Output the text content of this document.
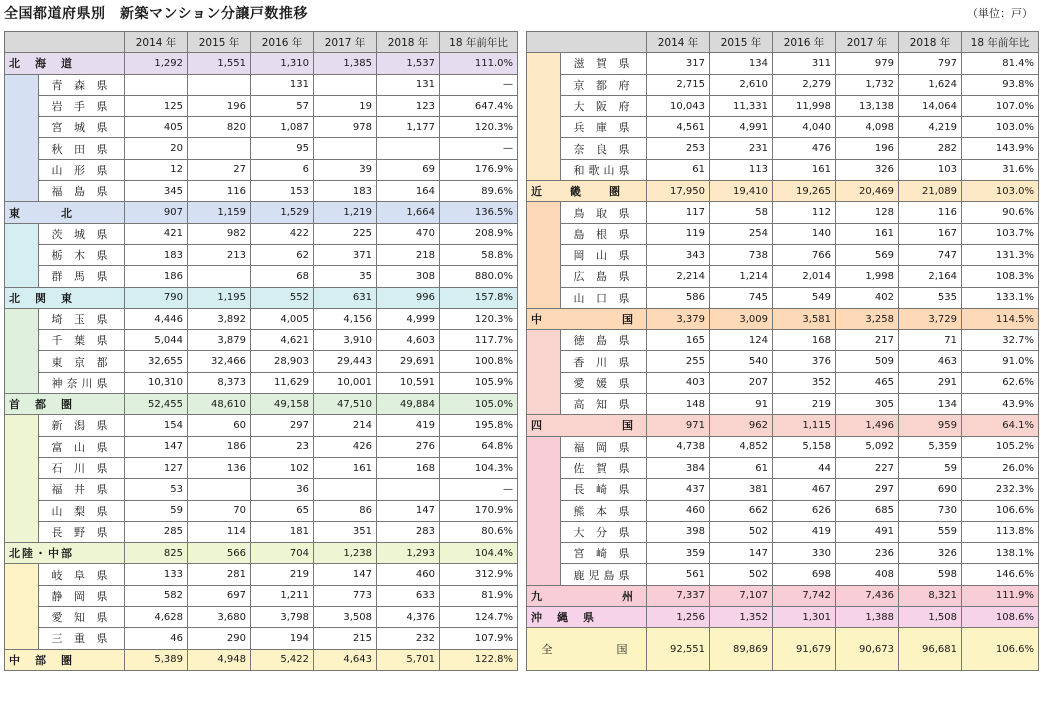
全国都道府県別　新築マンション分譲戸数推移	（単位：戸）
		2014 年	2015 年	2016 年	2017 年	2018 年	18 年前年比
北　海　道		1,292	1,551	1,310	1,385	1,537	111.0%
	青 森 県			131		131	—
	岩 手 県	125	196	57	19	123	647.4%
	宮 城 県	405	820	1,087	978	1,177	120.3%
	秋 田 県	20		95			—
	山 形 県	12	27	6	39	69	176.9%
	福 島 県	345	116	153	183	164	89.6%
東　　　北		907	1,159	1,529	1,219	1,664	136.5%
	茨 城 県	421	982	422	225	470	208.9%
	栃 木 県	183	213	62	371	218	58.8%
	群 馬 県	186		68	35	308	880.0%
北　関　東		790	1,195	552	631	996	157.8%
	埼 玉 県	4,446	3,892	4,005	4,156	4,999	120.3%
	千 葉 県	5,044	3,879	4,621	3,910	4,603	117.7%
	東 京 都	32,655	32,466	28,903	29,443	29,691	100.8%
	神奈川県	10,310	8,373	11,629	10,001	10,591	105.9%
首　都　圏		52,455	48,610	49,158	47,510	49,884	105.0%
	新 潟 県	154	60	297	214	419	195.8%
	富 山 県	147	186	23	426	276	64.8%
	石 川 県	127	136	102	161	168	104.3%
	福 井 県	53		36			—
	山 梨 県	59	70	65	86	147	170.9%
	長 野 県	285	114	181	351	283	80.6%
北陸・中部		825	566	704	1,238	1,293	104.4%
	岐 阜 県	133	281	219	147	460	312.9%
	静 岡 県	582	697	1,211	773	633	81.9%
	愛 知 県	4,628	3,680	3,798	3,508	4,376	124.7%
	三 重 県	46	290	194	215	232	107.9%
中　部　圏		5,389	4,948	5,422	4,643	5,701	122.8%
		2014 年	2015 年	2016 年	2017 年	2018 年	18 年前年比
	滋 賀 県	317	134	311	979	797	81.4%
	京 都 府	2,715	2,610	2,279	1,732	1,624	93.8%
	大 阪 府	10,043	11,331	11,998	13,138	14,064	107.0%
	兵 庫 県	4,561	4,991	4,040	4,098	4,219	103.0%
	奈 良 県	253	231	476	196	282	143.9%
	和歌山県	61	113	161	326	103	31.6%
近　　畿　　圏		17,950	19,410	19,265	20,469	21,089	103.0%
	鳥 取 県	117	58	112	128	116	90.6%
	島 根 県	119	254	140	161	167	103.7%
	岡 山 県	343	738	766	569	747	131.3%
	広 島 県	2,214	1,214	2,014	1,998	2,164	108.3%
	山 口 県	586	745	549	402	535	133.1%
中　　　　　　国		3,379	3,009	3,581	3,258	3,729	114.5%
	徳 島 県	165	124	168	217	71	32.7%
	香 川 県	255	540	376	509	463	91.0%
	愛 媛 県	403	207	352	465	291	62.6%
	高 知 県	148	91	219	305	134	43.9%
四　　　　　　国		971	962	1,115	1,496	959	64.1%
	福 岡 県	4,738	4,852	5,158	5,092	5,359	105.2%
	佐 賀 県	384	61	44	227	59	26.0%
	長 崎 県	437	381	467	297	690	232.3%
	熊 本 県	460	662	626	685	730	106.6%
	大 分 県	398	502	419	491	559	113.8%
	宮 崎 県	359	147	330	236	326	138.1%
	鹿児島県	561	502	698	408	598	146.6%
九　　　　　　州		7,337	7,107	7,742	7,436	8,321	111.9%
沖　縄　県		1,256	1,352	1,301	1,388	1,508	108.6%
全　　　　国		92,551	89,869	91,679	90,673	96,681	106.6%
